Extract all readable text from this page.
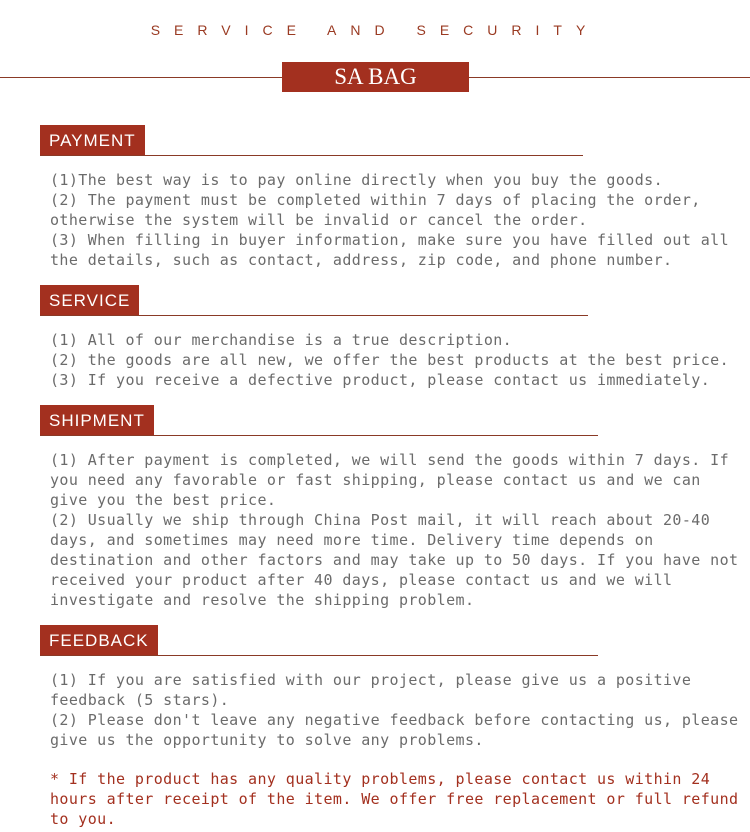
SERVICE AND SECURITY
SA BAG
PAYMENT

(1)The best way is to pay online directly when you buy the goods.

(2) The payment must be completed within 7 days of placing the order, otherwise the system will be invalid or cancel the order.

(3) When filling in buyer information, make sure you have filled out all the details, such as contact, address, zip code, and phone number.

SERVICE

(1) All of our merchandise is a true description.

(2) the goods are all new, we offer the best products at the best price.

(3) If you receive a defective product, please contact us immediately.

SHIPMENT

(1) After payment is completed, we will send the goods within 7 days. If you need any favorable or fast shipping, please contact us and we can give you the best price.

(2) Usually we ship through China Post mail, it will reach about 20-40 days, and sometimes may need more time. Delivery time depends on destination and other factors and may take up to 50 days. If you have not received your product after 40 days, please contact us and we will investigate and resolve the shipping problem.

FEEDBACK

(1) If you are satisfied with our project, please give us a positive feedback (5 stars).

(2) Please don't leave any negative feedback before contacting us, please give us the opportunity to solve any problems.

* If the product has any quality problems, please contact us within 24 hours after receipt of the item. We offer free replacement or full refund to you.
